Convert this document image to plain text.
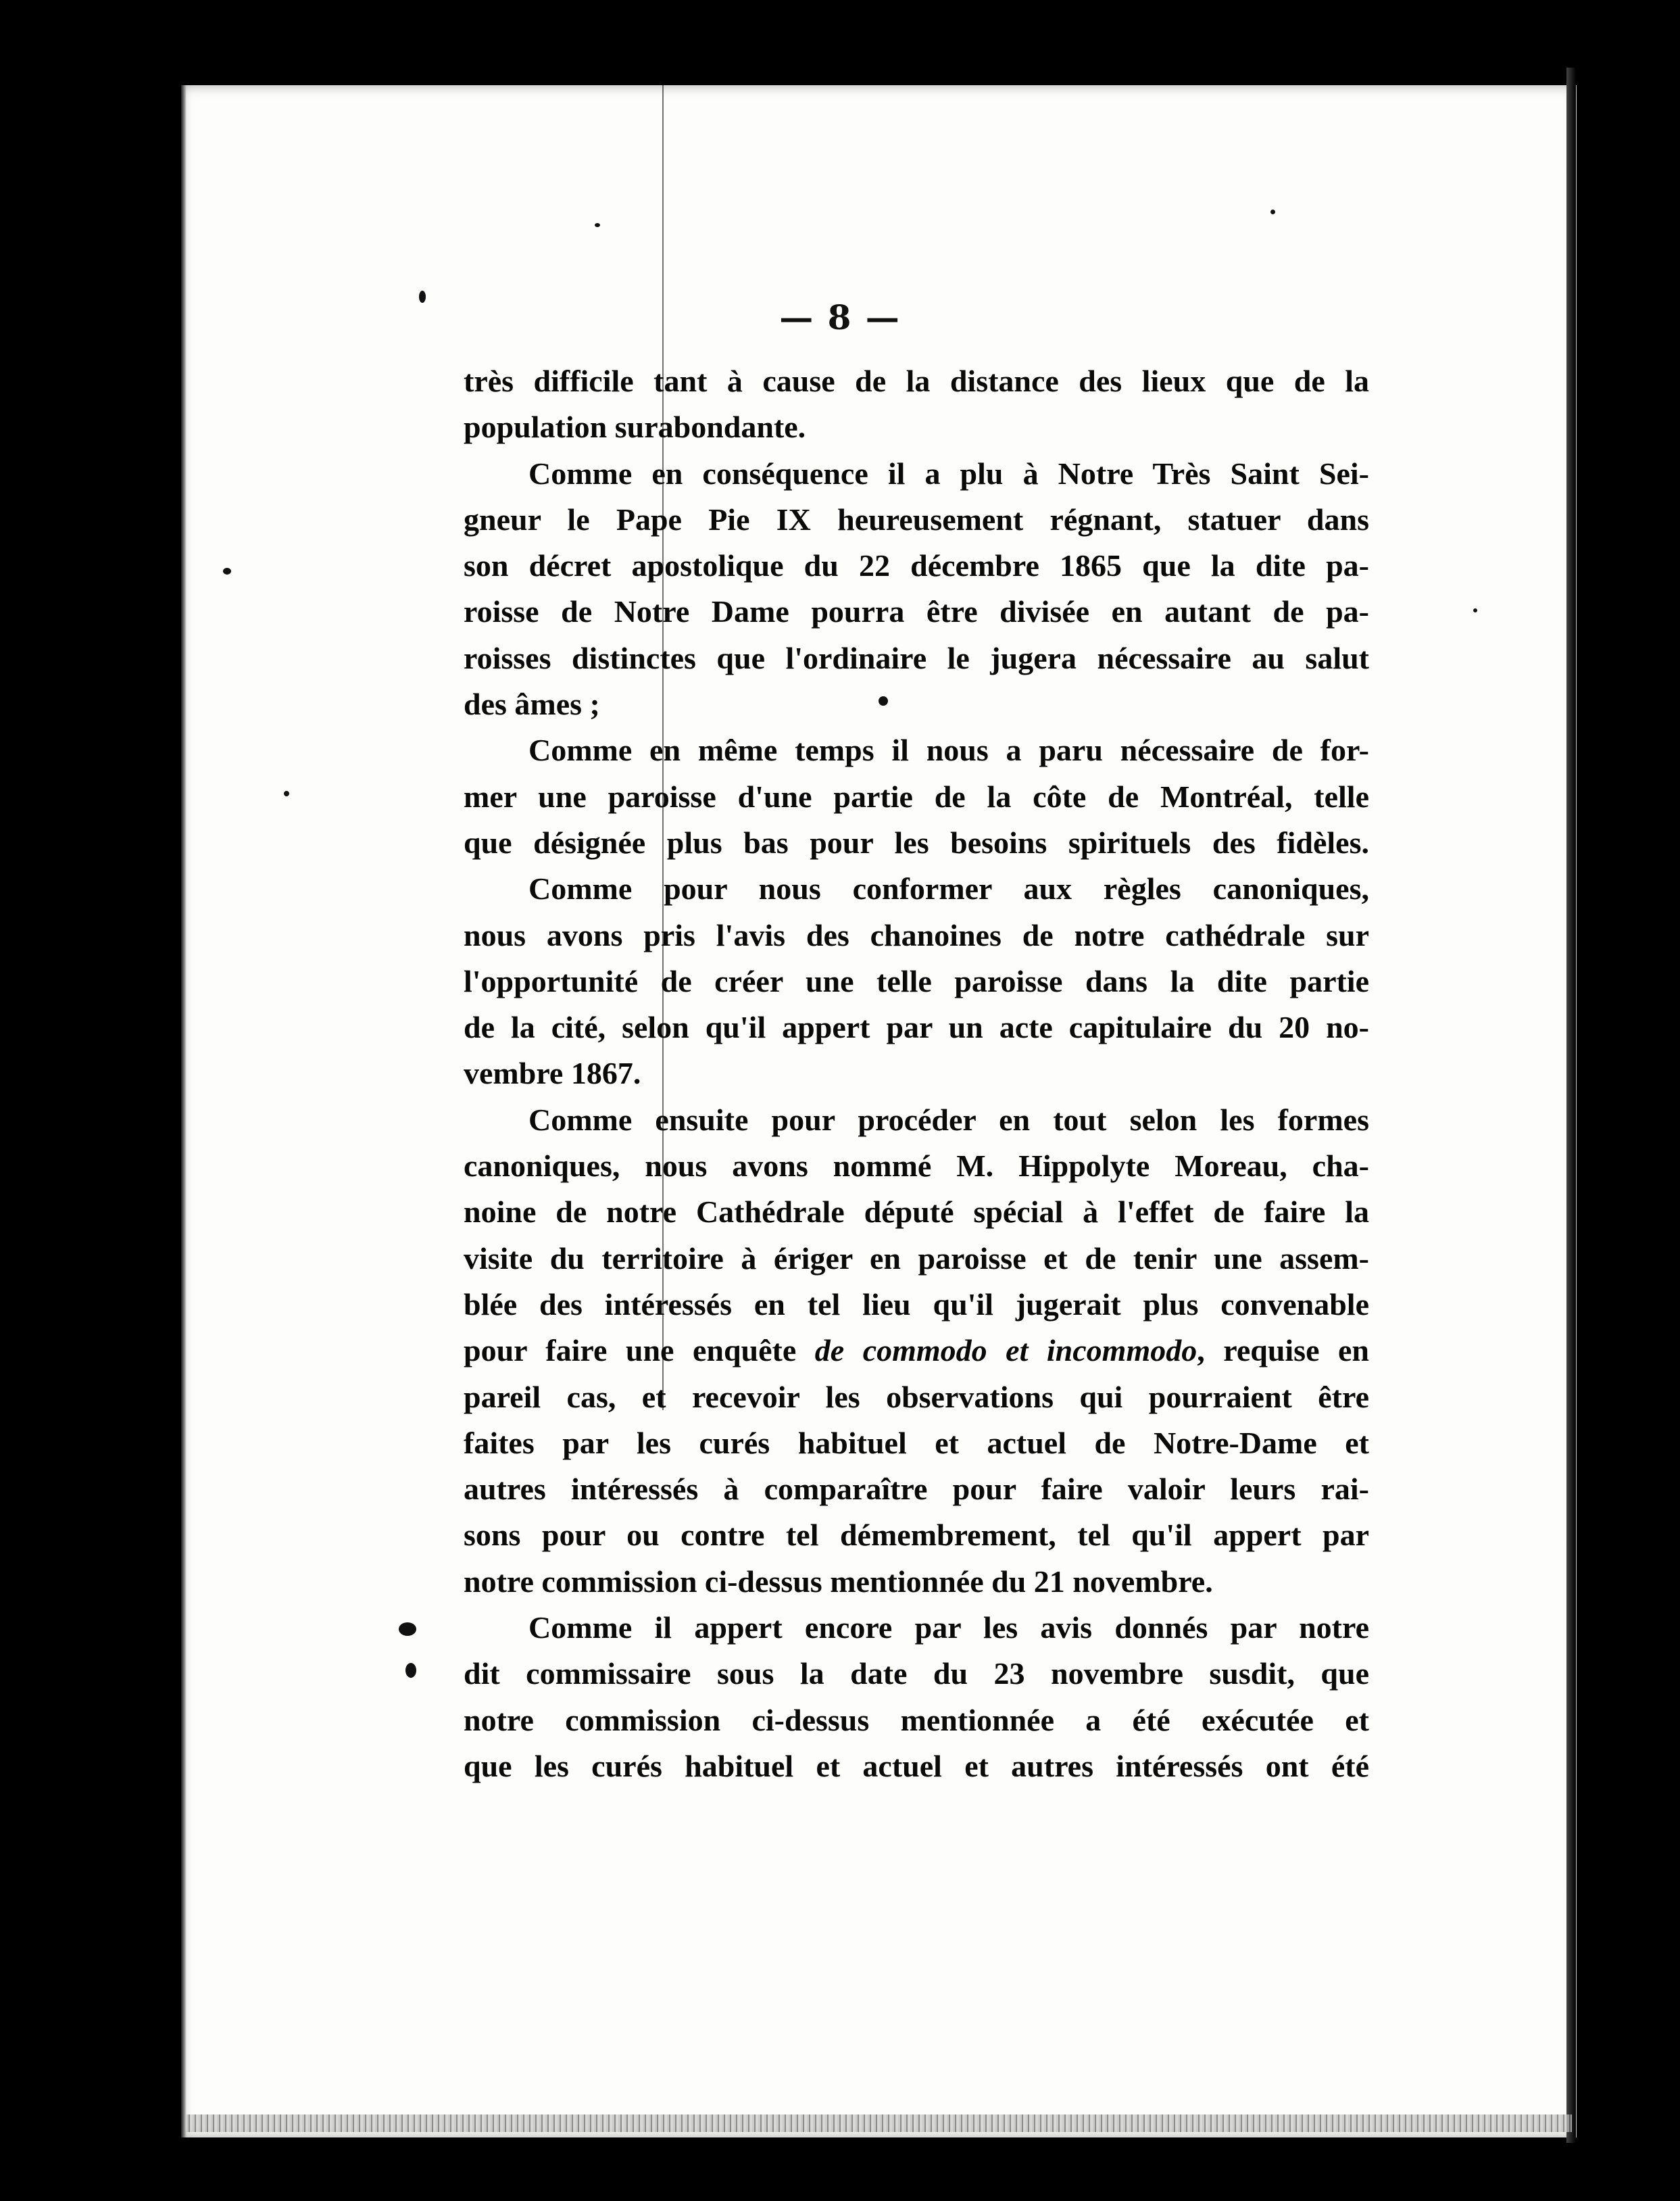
— 8 —
très difficile tant à cause de la distance des lieux que de la
population surabondante.
Comme en conséquence il a plu à Notre Très Saint Sei-
gneur le Pape Pie IX heureusement régnant, statuer dans
son décret apostolique du 22 décembre 1865 que la dite pa-
roisse de Notre Dame pourra être divisée en autant de pa-
roisses distinctes que l'ordinaire le jugera nécessaire au salut
des âmes ;
Comme en même temps il nous a paru nécessaire de for-
mer une paroisse d'une partie de la côte de Montréal, telle
que désignée plus bas pour les besoins spirituels des fidèles.
Comme pour nous conformer aux règles canoniques,
nous avons pris l'avis des chanoines de notre cathédrale sur
l'opportunité de créer une telle paroisse dans la dite partie
de la cité, selon qu'il appert par un acte capitulaire du 20 no-
vembre 1867.
Comme ensuite pour procéder en tout selon les formes
canoniques, nous avons nommé M. Hippolyte Moreau, cha-
noine de notre Cathédrale député spécial à l'effet de faire la
visite du territoire à ériger en paroisse et de tenir une assem-
blée des intéressés en tel lieu qu'il jugerait plus convenable
pour faire une enquête de commodo et incommodo, requise en
pareil cas, et recevoir les observations qui pourraient être
faites par les curés habituel et actuel de Notre-Dame et
autres intéressés à comparaître pour faire valoir leurs rai-
sons pour ou contre tel démembrement, tel qu'il appert par
notre commission ci-dessus mentionnée du 21 novembre.
Comme il appert encore par les avis donnés par notre
dit commissaire sous la date du 23 novembre susdit, que
notre commission ci-dessus mentionnée a été exécutée et
que les curés habituel et actuel et autres intéressés ont été
